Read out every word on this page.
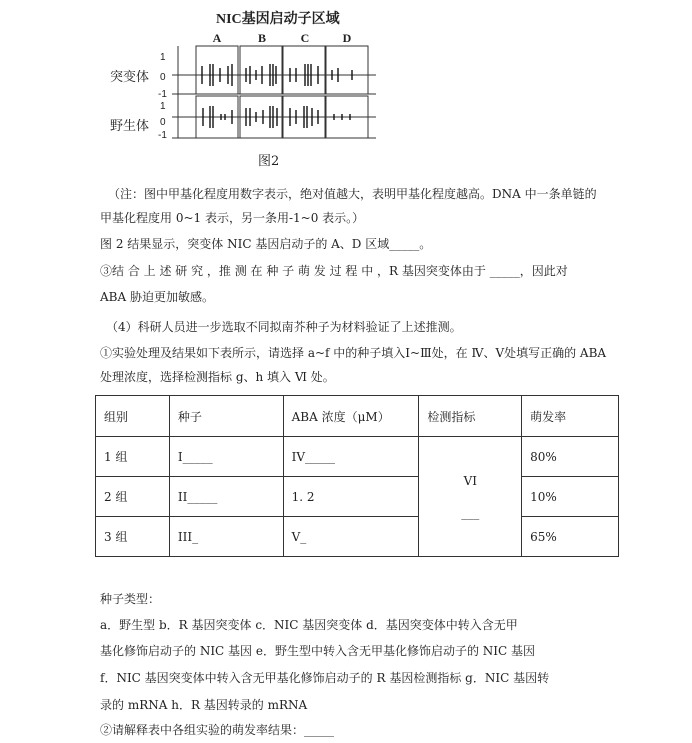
NIC基因启动子区域
A	B	C	D
突变体
野生体
1
0
-1
1
0
-1
图2
（注：图中甲基化程度用数字表示，绝对值越大，表明甲基化程度越高。DNA 中一条单链的
甲基化程度用 0~1 表示，另一条用-1~0 表示。）
图 2 结果显示，突变体 NIC 基因启动子的 A、D 区域_____。
③结 合 上 述 研 究 ，推 测 在 种 子 萌 发 过 程 中 ，R 基因突变体由于 _____，因此对
ABA 胁迫更加敏感。
（4）科研人员进一步选取不同拟南芥种子为材料验证了上述推测。
①实验处理及结果如下表所示，请选择 a~f 中的种子填入Ⅰ~Ⅲ处，在 Ⅳ、Ⅴ处填写正确的 ABA
处理浓度，选择检测指标 g、h 填入 Ⅵ 处。
组别	种子	ABA 浓度（μM）	检测指标	萌发率
1 组	I_____	IV_____	VI
___	80%
2 组	II_____	1. 2		10%
3 组	III_	V_		65%
种子类型：
a．野生型 b．R 基因突变体 c．NIC 基因突变体 d．基因突变体中转入含无甲
基化修饰启动子的 NIC 基因 e．野生型中转入含无甲基化修饰启动子的 NIC 基因
f．NIC 基因突变体中转入含无甲基化修饰启动子的 R 基因检测指标 g．NIC 基因转
录的 mRNA h．R 基因转录的 mRNA
②请解释表中各组实验的萌发率结果：_____
